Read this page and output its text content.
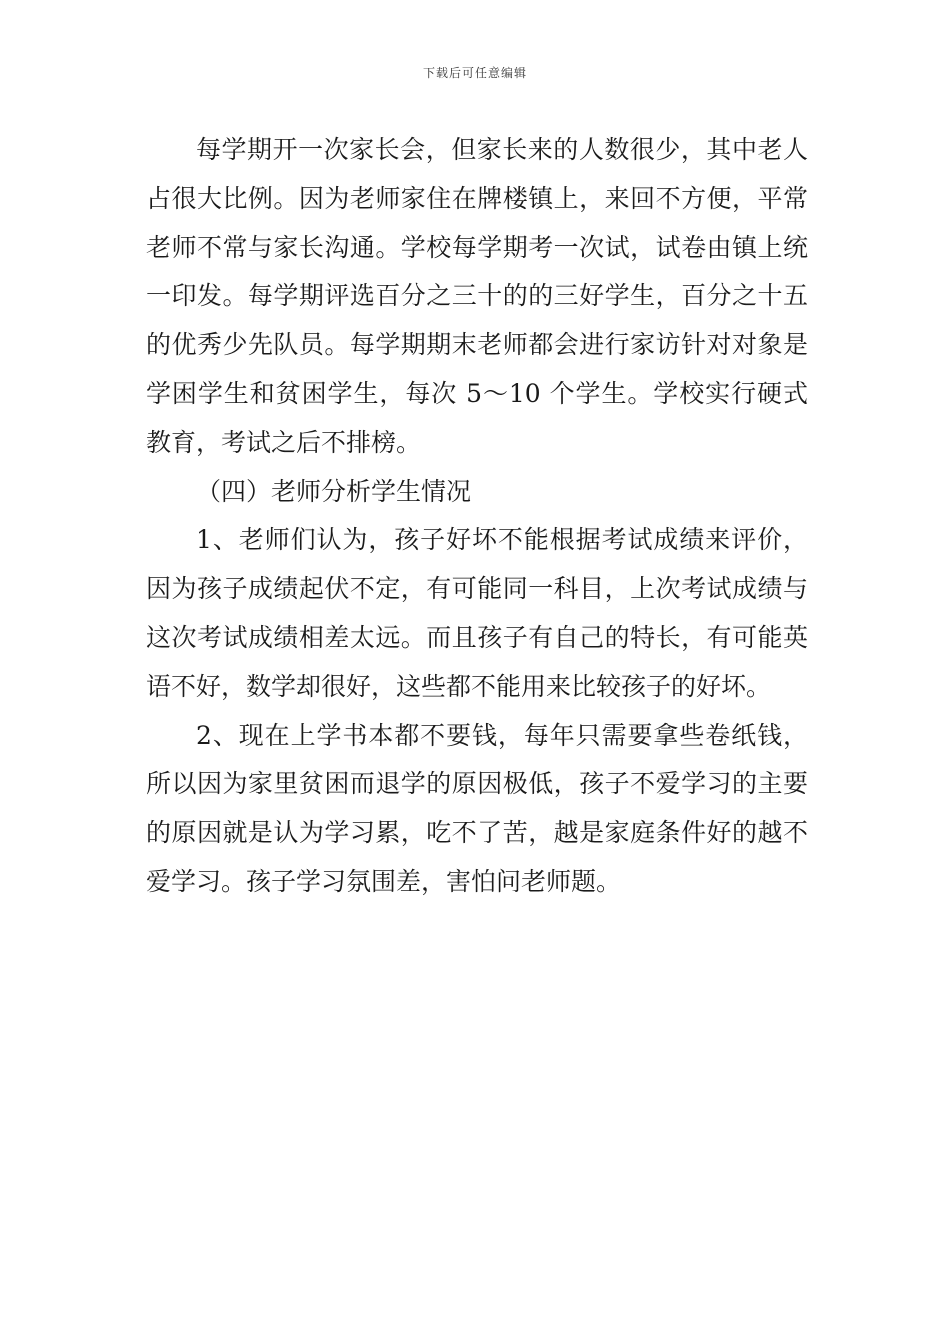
下载后可任意编辑

每学期开一次家长会，但家长来的人数很少，其中老人占很大比例。因为老师家住在牌楼镇上，来回不方便，平常老师不常与家长沟通。学校每学期考一次试，试卷由镇上统一印发。每学期评选百分之三十的的三好学生，百分之十五的优秀少先队员。每学期期末老师都会进行家访针对对象是学困学生和贫困学生，每次 5～10 个学生。学校实行硬式教育，考试之后不排榜。

（四）老师分析学生情况

1、老师们认为，孩子好坏不能根据考试成绩来评价，因为孩子成绩起伏不定，有可能同一科目，上次考试成绩与这次考试成绩相差太远。而且孩子有自己的特长，有可能英语不好，数学却很好，这些都不能用来比较孩子的好坏。

2、现在上学书本都不要钱，每年只需要拿些卷纸钱，所以因为家里贫困而退学的原因极低，孩子不爱学习的主要的原因就是认为学习累，吃不了苦，越是家庭条件好的越不爱学习。孩子学习氛围差，害怕问老师题。
